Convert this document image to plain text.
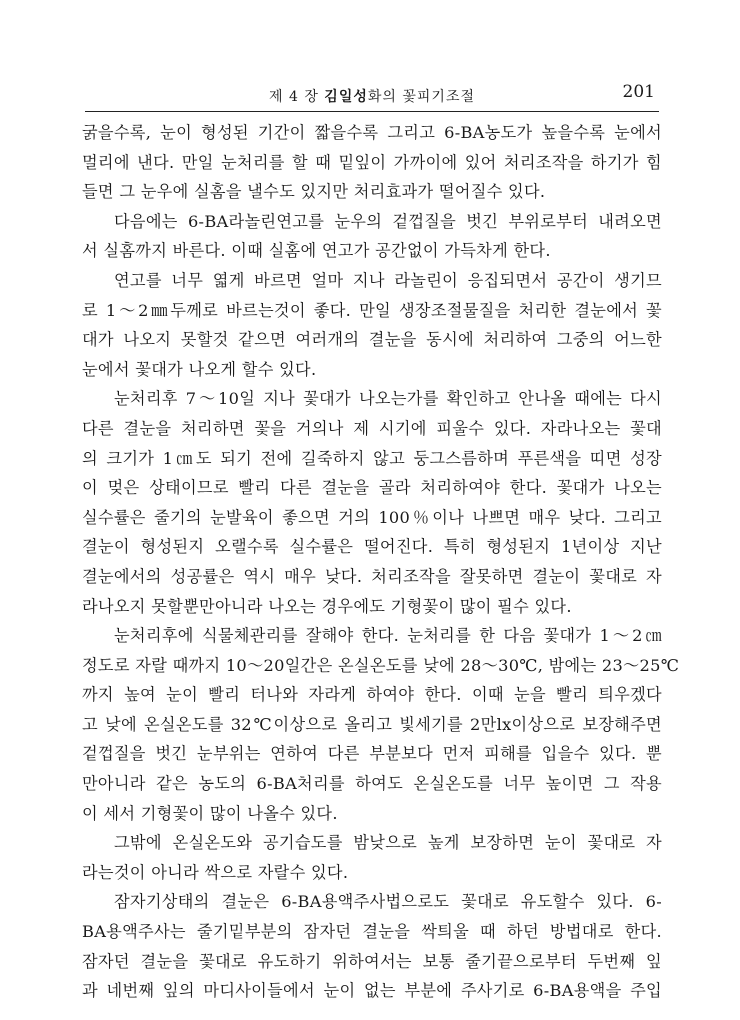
제 4 장 김일성화의 꽃피기조절	201
굵을수록, 눈이 형성된 기간이 짧을수록 그리고 6-BA농도가 높을수록 눈에서
멀리에 낸다. 만일 눈처리를 할 때 밑잎이 가까이에 있어 처리조작을 하기가 힘
들면 그 눈우에 실홈을 낼수도 있지만 처리효과가 떨어질수 있다.
다음에는 6-BA라놀린연고를 눈우의 겉껍질을 벗긴 부위로부터 내려오면
서 실홈까지 바른다. 이때 실홈에 연고가 공간없이 가득차게 한다.
연고를 너무 엷게 바르면 얼마 지나 라놀린이 응집되면서 공간이 생기므
로 1～2㎜두께로 바르는것이 좋다. 만일 생장조절물질을 처리한 결눈에서 꽃
대가 나오지 못할것 같으면 여러개의 결눈을 동시에 처리하여 그중의 어느한
눈에서 꽃대가 나오게 할수 있다.
눈처리후 7～10일 지나 꽃대가 나오는가를 확인하고 안나올 때에는 다시
다른 결눈을 처리하면 꽃을 거의나 제 시기에 피울수 있다. 자라나오는 꽃대
의 크기가 1㎝도 되기 전에 길죽하지 않고 둥그스름하며 푸른색을 띠면 성장
이 멎은 상태이므로 빨리 다른 결눈을 골라 처리하여야 한다. 꽃대가 나오는
실수률은 줄기의 눈발육이 좋으면 거의 100％이나 나쁘면 매우 낮다. 그리고
결눈이 형성된지 오랠수록 실수률은 떨어진다. 특히 형성된지 1년이상 지난
결눈에서의 성공률은 역시 매우 낮다. 처리조작을 잘못하면 결눈이 꽃대로 자
라나오지 못할뿐만아니라 나오는 경우에도 기형꽃이 많이 필수 있다.
눈처리후에 식물체관리를 잘해야 한다. 눈처리를 한 다음 꽃대가 1～2㎝
정도로 자랄 때까지 10～20일간은 온실온도를 낮에 28～30℃, 밤에는 23～25℃
까지 높여 눈이 빨리 터나와 자라게 하여야 한다. 이때 눈을 빨리 틔우겠다
고 낮에 온실온도를 32℃이상으로 올리고 빛세기를 2만lx이상으로 보장해주면
겉껍질을 벗긴 눈부위는 연하여 다른 부분보다 먼저 피해를 입을수 있다. 뿐
만아니라 같은 농도의 6-BA처리를 하여도 온실온도를 너무 높이면 그 작용
이 세서 기형꽃이 많이 나올수 있다.
그밖에 온실온도와 공기습도를 밤낮으로 높게 보장하면 눈이 꽃대로 자
라는것이 아니라 싹으로 자랄수 있다.
잠자기상태의 결눈은 6-BA용액주사법으로도 꽃대로 유도할수 있다. 6-
BA용액주사는 줄기밑부분의 잠자던 결눈을 싹틔울 때 하던 방법대로 한다.
잠자던 결눈을 꽃대로 유도하기 위하여서는 보통 줄기끝으로부터 두번째 잎
과 네번째 잎의 마디사이들에서 눈이 없는 부분에 주사기로 6-BA용액을 주입
